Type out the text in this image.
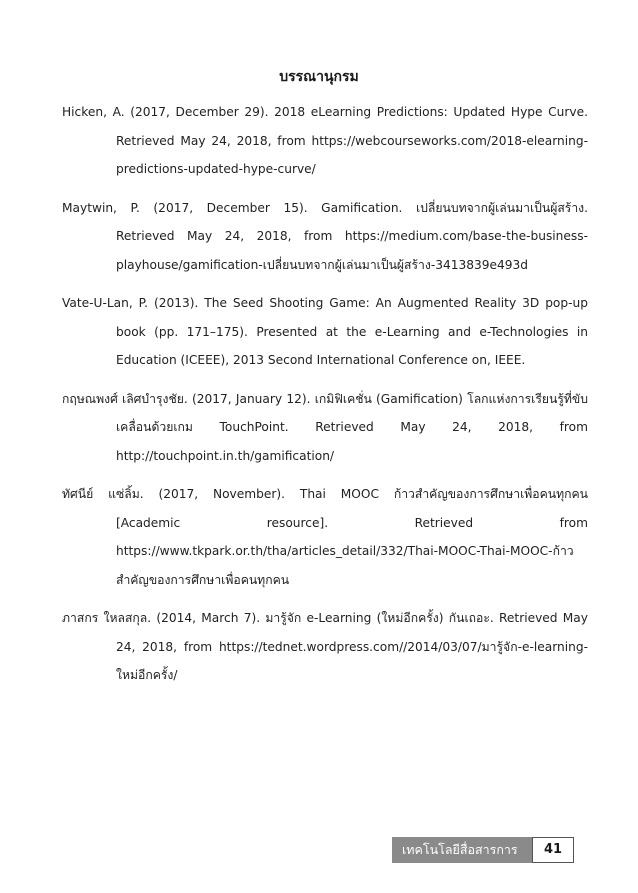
บรรณานุกรม

Hicken, A. (2017, December 29). 2018 eLearning Predictions: Updated Hype Curve. Retrieved May 24, 2018, from https://webcourseworks.com/2018-elearning-predictions-updated-hype-curve/

Maytwin, P. (2017, December 15). Gamification. เปลี่ยนบทจากผู้เล่นมาเป็นผู้สร้าง. Retrieved May 24, 2018, from https://medium.com/base-the-business-playhouse/gamification-เปลี่ยนบทจากผู้เล่นมาเป็นผู้สร้าง-3413839e493d

Vate-U-Lan, P. (2013). The Seed Shooting Game: An Augmented Reality 3D pop-up book (pp. 171–175). Presented at the e-Learning and e-Technologies in Education (ICEEE), 2013 Second International Conference on, IEEE.

กฤษณพงศ์ เลิศบำรุงชัย. (2017, January 12). เกมิฟิเคชั่น (Gamification) โลกแห่งการเรียนรู้ที่ขับเคลื่อนด้วยเกม TouchPoint. Retrieved May 24, 2018, from http://touchpoint.in.th/gamification/

ทัศนีย์ แซ่ลิ้ม. (2017, November). Thai MOOC ก้าวสำคัญของการศึกษาเพื่อคนทุกคน [Academic resource]. Retrieved from https://www.tkpark.or.th/tha/articles_detail/332/Thai-MOOC-Thai-MOOC-ก้าวสำคัญของการศึกษาเพื่อคนทุกคน

ภาสกร ใหลสกุล. (2014, March 7). มารู้จัก e-Learning (ใหม่อีกครั้ง) กันเถอะ. Retrieved May 24, 2018, from https://tednet.wordpress.com//2014/03/07/มารู้จัก-e-learning-ใหม่อีกครั้ง/

เทคโนโลยีสื่อสารการศึกษา
41
